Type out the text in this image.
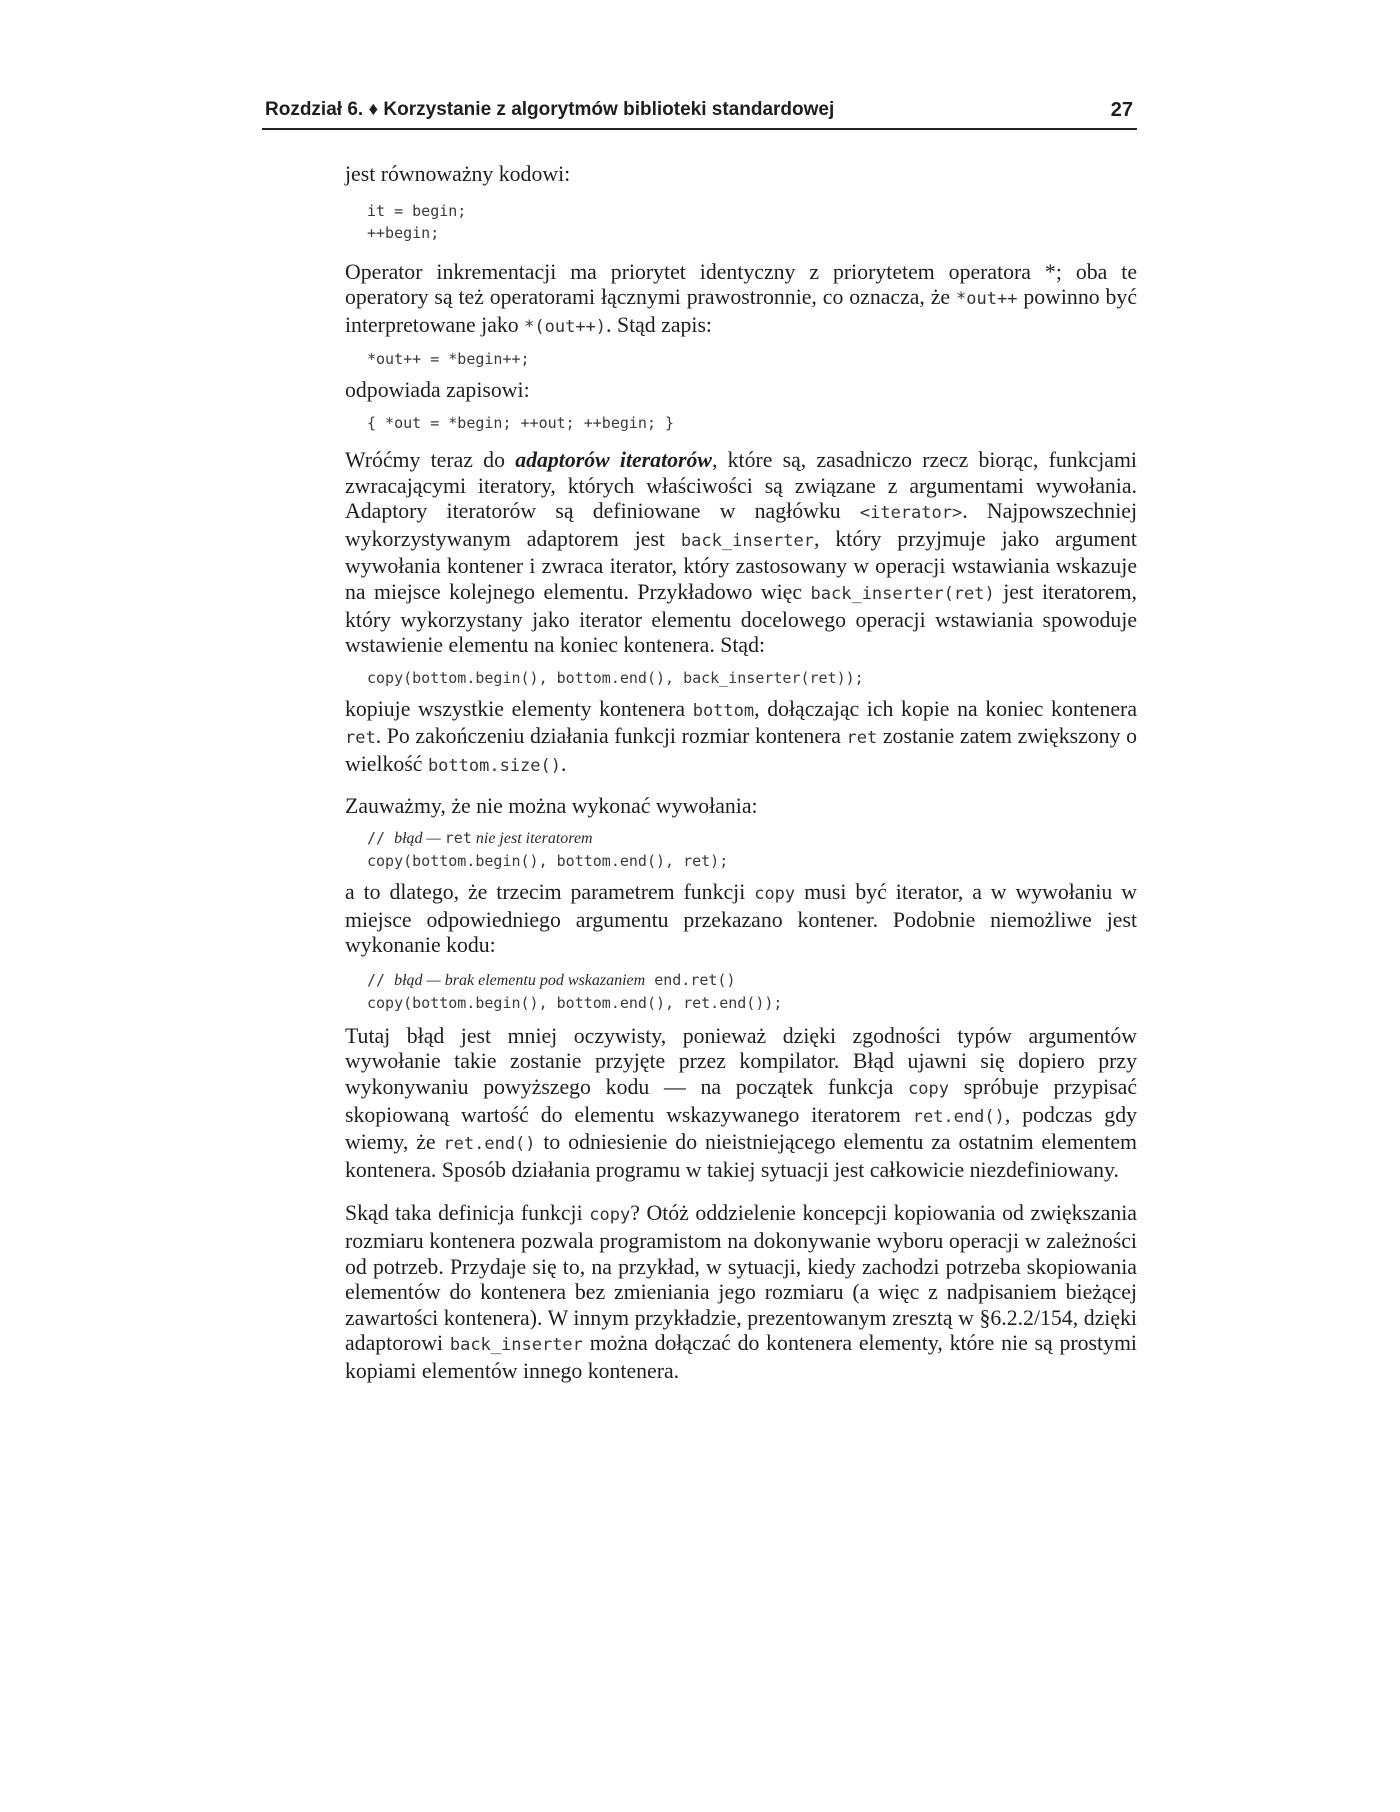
Rozdział 6. ♦ Korzystanie z algorytmów biblioteki standardowej	27

jest równoważny kodowi:

it = begin;
++begin;

Operator inkrementacji ma priorytet identyczny z priorytetem operatora *; oba te operatory są też operatorami łącznymi prawostronnie, co oznacza, że *out++ powinno być interpretowane jako *(out++). Stąd zapis:

*out++ = *begin++;

odpowiada zapisowi:

{ *out = *begin; ++out; ++begin; }

Wróćmy teraz do adaptorów iteratorów, które są, zasadniczo rzecz biorąc, funkcjami zwracającymi iteratory, których właściwości są związane z argumentami wywołania. Adaptory iteratorów są definiowane w nagłówku <iterator>. Najpowszechniej wykorzystywanym adaptorem jest back_inserter, który przyjmuje jako argument wywołania kontener i zwraca iterator, który zastosowany w operacji wstawiania wskazuje na miejsce kolejnego elementu. Przykładowo więc back_inserter(ret) jest iteratorem, który wykorzystany jako iterator elementu docelowego operacji wstawiania spowoduje wstawienie elementu na koniec kontenera. Stąd:

copy(bottom.begin(), bottom.end(), back_inserter(ret));

kopiuje wszystkie elementy kontenera bottom, dołączając ich kopie na koniec kontenera ret. Po zakończeniu działania funkcji rozmiar kontenera ret zostanie zatem zwiększony o wielkość bottom.size().

Zauważmy, że nie można wykonać wywołania:

// błąd — ret nie jest iteratorem
copy(bottom.begin(), bottom.end(), ret);

a to dlatego, że trzecim parametrem funkcji copy musi być iterator, a w wywołaniu w miejsce odpowiedniego argumentu przekazano kontener. Podobnie niemożliwe jest wykonanie kodu:

// błąd — brak elementu pod wskazaniem end.ret()
copy(bottom.begin(), bottom.end(), ret.end());

Tutaj błąd jest mniej oczywisty, ponieważ dzięki zgodności typów argumentów wywołanie takie zostanie przyjęte przez kompilator. Błąd ujawni się dopiero przy wykonywaniu powyższego kodu — na początek funkcja copy spróbuje przypisać skopiowaną wartość do elementu wskazywanego iteratorem ret.end(), podczas gdy wiemy, że ret.end() to odniesienie do nieistniejącego elementu za ostatnim elementem kontenera. Sposób działania programu w takiej sytuacji jest całkowicie niezdefiniowany.

Skąd taka definicja funkcji copy? Otóż oddzielenie koncepcji kopiowania od zwiększania rozmiaru kontenera pozwala programistom na dokonywanie wyboru operacji w zależności od potrzeb. Przydaje się to, na przykład, w sytuacji, kiedy zachodzi potrzeba skopiowania elementów do kontenera bez zmieniania jego rozmiaru (a więc z nadpisaniem bieżącej zawartości kontenera). W innym przykładzie, prezentowanym zresztą w §6.2.2/154, dzięki adaptorowi back_inserter można dołączać do kontenera elementy, które nie są prostymi kopiami elementów innego kontenera.
